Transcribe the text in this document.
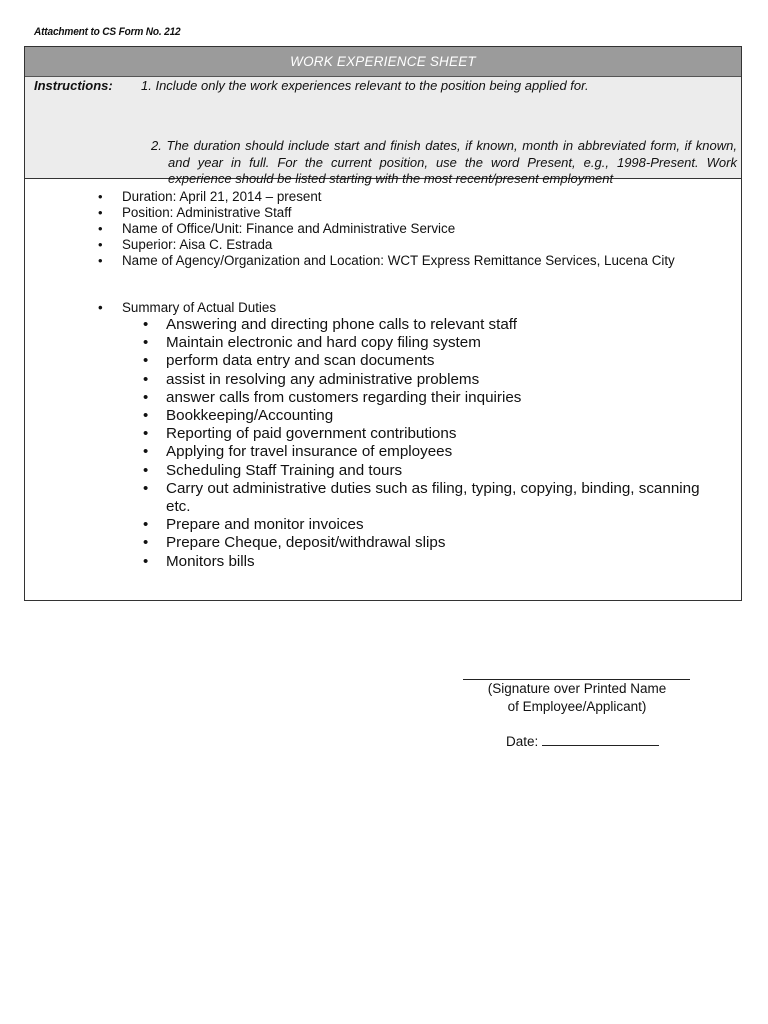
Attachment to CS Form No. 212
WORK EXPERIENCE SHEET
Instructions: 1. Include only the work experiences relevant to the position being applied for.
2. The duration should include start and finish dates, if known, month in abbreviated form, if known, and year in full. For the current position, use the word Present, e.g., 1998-Present. Work experience should be listed starting with the most recent/present employment
• Duration: April 21, 2014 – present
• Position: Administrative Staff
• Name of Office/Unit: Finance and Administrative Service
• Superior: Aisa C. Estrada
• Name of Agency/Organization and Location: WCT Express Remittance Services, Lucena City
• Summary of Actual Duties
• Answering and directing phone calls to relevant staff
• Maintain electronic and hard copy filing system
• perform data entry and scan documents
• assist in resolving any administrative problems
• answer calls from customers regarding their inquiries
• Bookkeeping/Accounting
• Reporting of paid government contributions
• Applying for travel insurance of employees
• Scheduling Staff Training and tours
• Carry out administrative duties such as filing, typing, copying, binding, scanning etc.
• Prepare and monitor invoices
• Prepare Cheque, deposit/withdrawal slips
• Monitors bills
(Signature over Printed Name
of Employee/Applicant)
Date:
